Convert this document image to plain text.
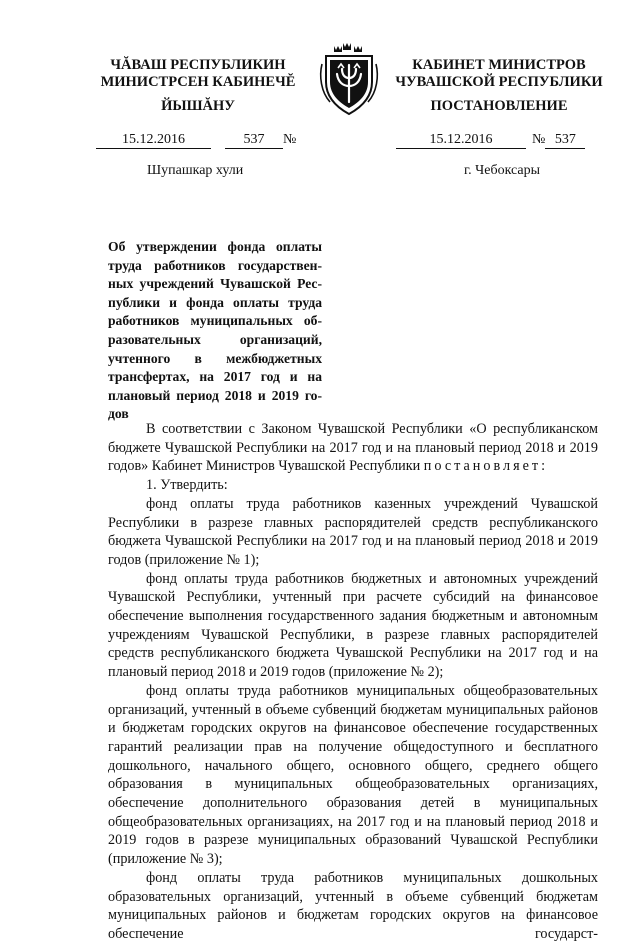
ЧĂВАШ РЕСПУБЛИКИН
МИНИСТРСЕН КАБИНЕЧĔ
КАБИНЕТ МИНИСТРОВ
ЧУВАШСКОЙ РЕСПУБЛИКИ
ЙЫШĂНУ	ПОСТАНОВЛЕНИЕ
15.12.2016	537 №	15.12.2016	№ 537
Шупашкар хули	г. Чебоксары
Об утверждении фонда оплаты
труда работников государствен-
ных учреждений Чувашской Рес-
публики и фонда оплаты труда
работников муниципальных об-
разовательных организаций,
учтенного в межбюджетных
трансфертах, на 2017 год и на
плановый период 2018 и 2019 го-
дов

В соответствии с Законом Чувашской Республики «О республиканском бюджете Чувашской Республики на 2017 год и на плановый период 2018 и 2019 годов» Кабинет Министров Чувашской Республики постановляет:

1. Утвердить:

фонд оплаты труда работников казенных учреждений Чувашской Республики в разрезе главных распорядителей средств республиканского бюджета Чувашской Республики на 2017 год и на плановый период 2018 и 2019 годов (приложение № 1);

фонд оплаты труда работников бюджетных и автономных учреждений Чувашской Республики, учтенный при расчете субсидий на финансовое обеспечение выполнения государственного задания бюджетным и автономным учреждениям Чувашской Республики, в разрезе главных распорядителей средств республиканского бюджета Чувашской Республики на 2017 год и на плановый период 2018 и 2019 годов (приложение № 2);

фонд оплаты труда работников муниципальных общеобразовательных организаций, учтенный в объеме субвенций бюджетам муниципальных районов и бюджетам городских округов на финансовое обеспечение государственных гарантий реализации прав на получение общедоступного и бесплатного дошкольного, начального общего, основного общего, среднего общего образования в муниципальных общеобразовательных организациях, обеспечение дополнительного образования детей в муниципальных общеобразовательных организациях, на 2017 год и на плановый период 2018 и 2019 годов в разрезе муниципальных образований Чувашской Республики (приложение № 3);

фонд оплаты труда работников муниципальных дошкольных образовательных организаций, учтенный в объеме субвенций бюджетам муниципальных районов и бюджетам городских округов на финансовое обеспечение государст-
